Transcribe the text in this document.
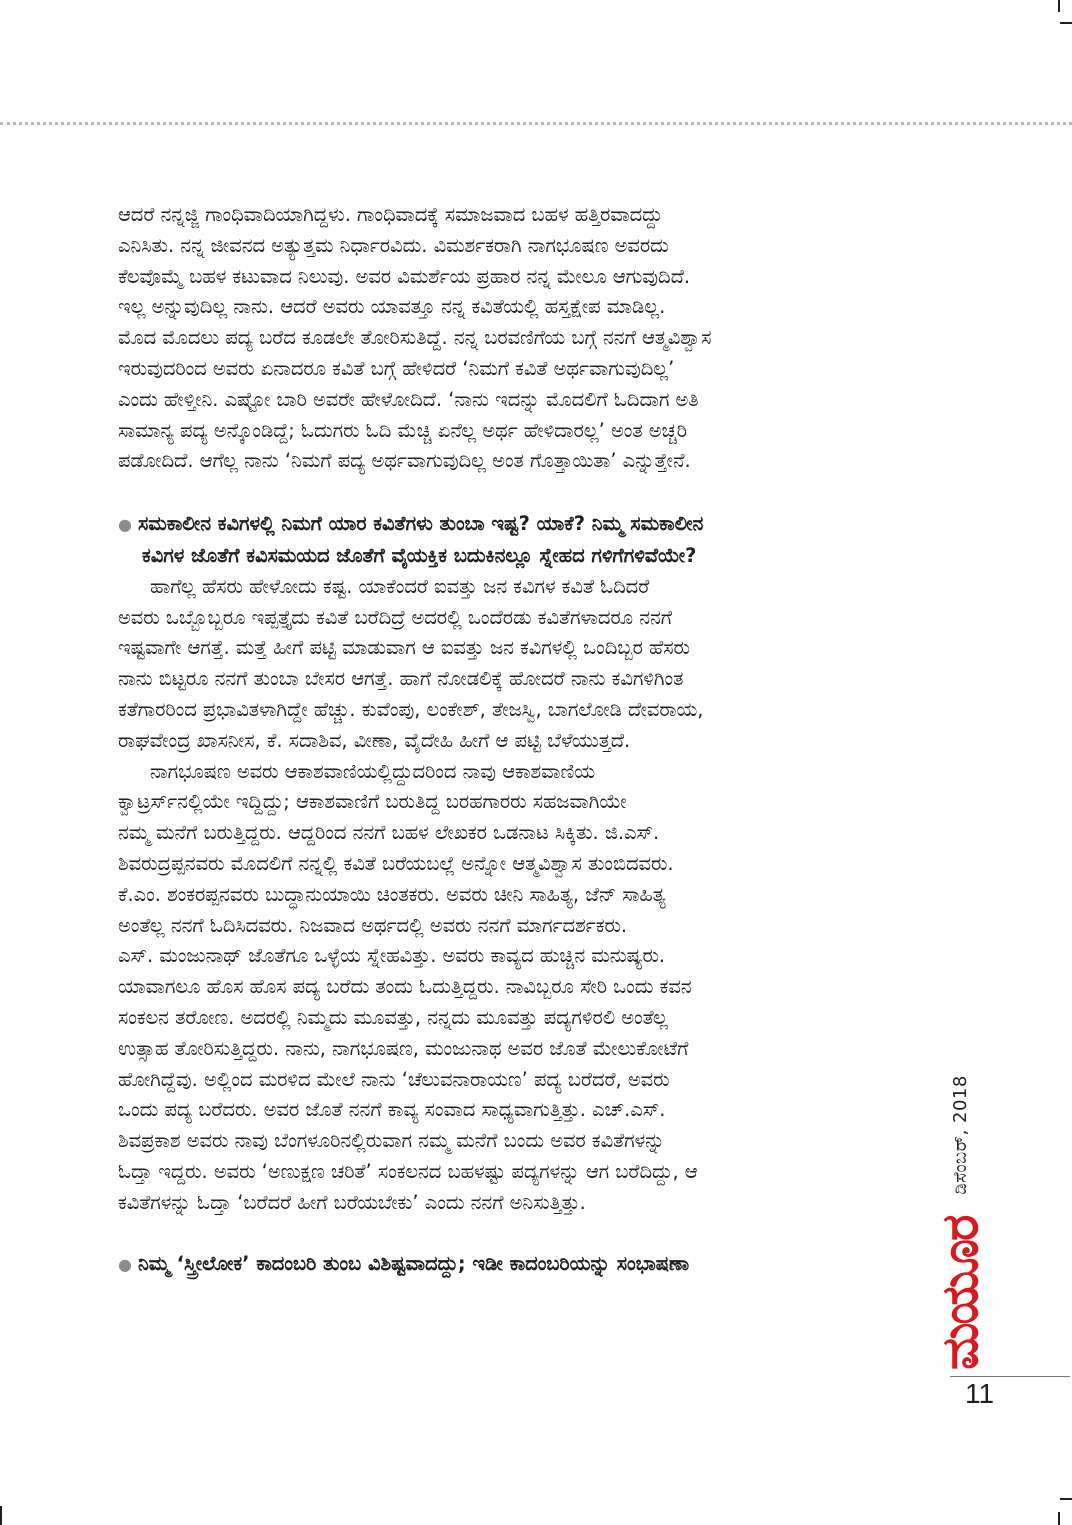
ಆದರೆ ನನ್ನಜ್ಜಿ ಗಾಂಧಿವಾದಿಯಾಗಿದ್ದಳು. ಗಾಂಧಿವಾದಕ್ಕೆ ಸಮಾಜವಾದ ಬಹಳ ಹತ್ತಿರವಾದದ್ದು
ಎನಿಸಿತು. ನನ್ನ ಜೀವನದ ಅತ್ಯುತ್ತಮ ನಿರ್ಧಾರವಿದು. ವಿಮರ್ಶಕರಾಗಿ ನಾಗಭೂಷಣ ಅವರದು
ಕೆಲವೊಮ್ಮೆ ಬಹಳ ಕಟುವಾದ ನಿಲುವು. ಅವರ ವಿಮರ್ಶೆಯ ಪ್ರಹಾರ ನನ್ನ ಮೇಲೂ ಆಗುವುದಿದೆ.
ಇಲ್ಲ ಅನ್ನುವುದಿಲ್ಲ ನಾನು. ಆದರೆ ಅವರು ಯಾವತ್ತೂ ನನ್ನ ಕವಿತೆಯಲ್ಲಿ ಹಸ್ತಕ್ಷೇಪ ಮಾಡಿಲ್ಲ.
ಮೊದ ಮೊದಲು ಪದ್ಯ ಬರೆದ ಕೂಡಲೇ ತೋರಿಸುತಿದ್ದೆ. ನನ್ನ ಬರವಣಿಗೆಯ ಬಗ್ಗೆ ನನಗೆ ಆತ್ಮವಿಶ್ವಾಸ
ಇರುವುದರಿಂದ ಅವರು ಏನಾದರೂ ಕವಿತೆ ಬಗ್ಗೆ ಹೇಳಿದರೆ ‘ನಿಮಗೆ ಕವಿತೆ ಅರ್ಥವಾಗುವುದಿಲ್ಲ’
ಎಂದು ಹೇಳ್ತೀನಿ. ಎಷ್ಟೋ ಬಾರಿ ಅವರೇ ಹೇಳೋದಿದೆ. ‘ನಾನು ಇದನ್ನು ಮೊದಲಿಗೆ ಓದಿದಾಗ ಅತಿ
ಸಾಮಾನ್ಯ ಪದ್ಯ ಅನ್ಕೊಂಡಿದ್ದೆ; ಓದುಗರು ಓದಿ ಮೆಚ್ಚಿ ಏನೆಲ್ಲ ಅರ್ಥ ಹೇಳಿದಾರಲ್ಲ’ ಅಂತ ಅಚ್ಚರಿ
ಪಡೋದಿದೆ. ಆಗೆಲ್ಲ ನಾನು ‘ನಿಮಗೆ ಪದ್ಯ ಅರ್ಥವಾಗುವುದಿಲ್ಲ ಅಂತ ಗೊತ್ತಾಯಿತಾ’ ಎನ್ನುತ್ತೇನೆ.

● ಸಮಕಾಲೀನ ಕವಿಗಳಲ್ಲಿ ನಿಮಗೆ ಯಾರ ಕವಿತೆಗಳು ತುಂಬಾ ಇಷ್ಟ? ಯಾಕೆ? ನಿಮ್ಮ ಸಮಕಾಲೀನ
ಕವಿಗಳ ಜೊತೆಗೆ ಕವಿಸಮಯದ ಜೊತೆಗೆ ವೈಯಕ್ತಿಕ ಬದುಕಿನಲ್ಲೂ ಸ್ನೇಹದ ಗಳಿಗೆಗಳಿವೆಯೇ?

ಹಾಗೆಲ್ಲ ಹೆಸರು ಹೇಳೋದು ಕಷ್ಟ. ಯಾಕೆಂದರೆ ಐವತ್ತು ಜನ ಕವಿಗಳ ಕವಿತೆ ಓದಿದರೆ
ಅವರು ಒಬ್ಬೊಬ್ಬರೂ ಇಪ್ಪತ್ತೈದು ಕವಿತೆ ಬರೆದಿದ್ರೆ ಅದರಲ್ಲಿ ಒಂದೆರಡು ಕವಿತೆಗಳಾದರೂ ನನಗೆ
ಇಷ್ಟವಾಗೇ ಆಗತ್ತೆ. ಮತ್ತೆ ಹೀಗೆ ಪಟ್ಟಿ ಮಾಡುವಾಗ ಆ ಐವತ್ತು ಜನ ಕವಿಗಳಲ್ಲಿ ಒಂದಿಬ್ಬರ ಹೆಸರು
ನಾನು ಬಿಟ್ಟರೂ ನನಗೆ ತುಂಬಾ ಬೇಸರ ಆಗತ್ತೆ. ಹಾಗೆ ನೋಡಲಿಕ್ಕೆ ಹೋದರೆ ನಾನು ಕವಿಗಳಿಗಿಂತ
ಕತೆಗಾರರಿಂದ ಪ್ರಭಾವಿತಳಾಗಿದ್ದೇ ಹೆಚ್ಚು. ಕುವೆಂಪು, ಲಂಕೇಶ್, ತೇಜಸ್ವಿ, ಬಾಗಲೋಡಿ ದೇವರಾಯ,
ರಾಘವೇಂದ್ರ ಖಾಸನೀಸ, ಕೆ. ಸದಾಶಿವ, ವೀಣಾ, ವೈದೇಹಿ ಹೀಗೆ ಆ ಪಟ್ಟಿ ಬೆಳೆಯುತ್ತದೆ.

ನಾಗಭೂಷಣ ಅವರು ಆಕಾಶವಾಣಿಯಲ್ಲಿದ್ದುದರಿಂದ ನಾವು ಆಕಾಶವಾಣಿಯ
ಕ್ವಾಟ್ರರ್ಸ್‌ನಲ್ಲಿಯೇ ಇದ್ದಿದ್ದು; ಆಕಾಶವಾಣಿಗೆ ಬರುತಿದ್ದ ಬರಹಗಾರರು ಸಹಜವಾಗಿಯೇ
ನಮ್ಮ ಮನೆಗೆ ಬರುತ್ತಿದ್ದರು. ಆದ್ದರಿಂದ ನನಗೆ ಬಹಳ ಲೇಖಕರ ಒಡನಾಟ ಸಿಕ್ಕಿತು. ಜಿ.ಎಸ್.
ಶಿವರುದ್ರಪ್ಪನವರು ಮೊದಲಿಗೆ ನನ್ನಲ್ಲಿ ಕವಿತೆ ಬರೆಯಬಲ್ಲೆ ಅನ್ನೋ ಆತ್ಮವಿಶ್ವಾಸ ತುಂಬಿದವರು.
ಕೆ.ಎಂ. ಶಂಕರಪ್ಪನವರು ಬುದ್ಧಾನುಯಾಯಿ ಚಿಂತಕರು. ಅವರು ಚೀನಿ ಸಾಹಿತ್ಯ, ಜೆನ್ ಸಾಹಿತ್ಯ
ಅಂತೆಲ್ಲ ನನಗೆ ಓದಿಸಿದವರು. ನಿಜವಾದ ಅರ್ಥದಲ್ಲಿ ಅವರು ನನಗೆ ಮಾರ್ಗದರ್ಶಕರು.
ಎಸ್. ಮಂಜುನಾಥ್ ಜೊತೆಗೂ ಒಳ್ಳೆಯ ಸ್ನೇಹವಿತ್ತು. ಅವರು ಕಾವ್ಯದ ಹುಚ್ಚಿನ ಮನುಷ್ಯರು.
ಯಾವಾಗಲೂ ಹೊಸ ಹೊಸ ಪದ್ಯ ಬರೆದು ತಂದು ಓದುತ್ತಿದ್ದರು. ನಾವಿಬ್ಬರೂ ಸೇರಿ ಒಂದು ಕವನ
ಸಂಕಲನ ತರೋಣ. ಅದರಲ್ಲಿ ನಿಮ್ಮದು ಮೂವತ್ತು, ನನ್ನದು ಮೂವತ್ತು ಪದ್ಯಗಳಿರಲಿ ಅಂತೆಲ್ಲ
ಉತ್ಸಾಹ ತೋರಿಸುತ್ತಿದ್ದರು. ನಾನು, ನಾಗಭೂಷಣ, ಮಂಜುನಾಥ ಅವರ ಜೊತೆ ಮೇಲುಕೋಟೆಗೆ
ಹೋಗಿದ್ದೆವು. ಅಲ್ಲಿಂದ ಮರಳಿದ ಮೇಲೆ ನಾನು ‘ಚೆಲುವನಾರಾಯಣ’ ಪದ್ಯ ಬರೆದರೆ, ಅವರು
ಒಂದು ಪದ್ಯ ಬರೆದರು. ಅವರ ಜೊತೆ ನನಗೆ ಕಾವ್ಯ ಸಂವಾದ ಸಾಧ್ಯವಾಗುತ್ತಿತ್ತು. ಎಚ್.ಎಸ್.
ಶಿವಪ್ರಕಾಶ ಅವರು ನಾವು ಬೆಂಗಳೂರಿನಲ್ಲಿರುವಾಗ ನಮ್ಮ ಮನೆಗೆ ಬಂದು ಅವರ ಕವಿತೆಗಳನ್ನು
ಓದ್ತಾ ಇದ್ದರು. ಅವರು ‘ಅಣುಕ್ಷಣ ಚರಿತೆ’ ಸಂಕಲನದ ಬಹಳಷ್ಟು ಪದ್ಯಗಳನ್ನು ಆಗ ಬರೆದಿದ್ದು, ಆ
ಕವಿತೆಗಳನ್ನು ಓದ್ತಾ ‘ಬರೆದರೆ ಹೀಗೆ ಬರೆಯಬೇಕು’ ಎಂದು ನನಗೆ ಅನಿಸುತ್ತಿತ್ತು.

● ನಿಮ್ಮ ‘ಸ್ತ್ರೀಲೋಕ’ ಕಾದಂಬರಿ ತುಂಬ ವಿಶಿಷ್ಟವಾದದ್ದು; ಇಡೀ ಕಾದಂಬರಿಯನ್ನು ಸಂಭಾಷಣಾ	ಮಯೂರ
ಡಿಸೆಂಬರ್, 2018
11
